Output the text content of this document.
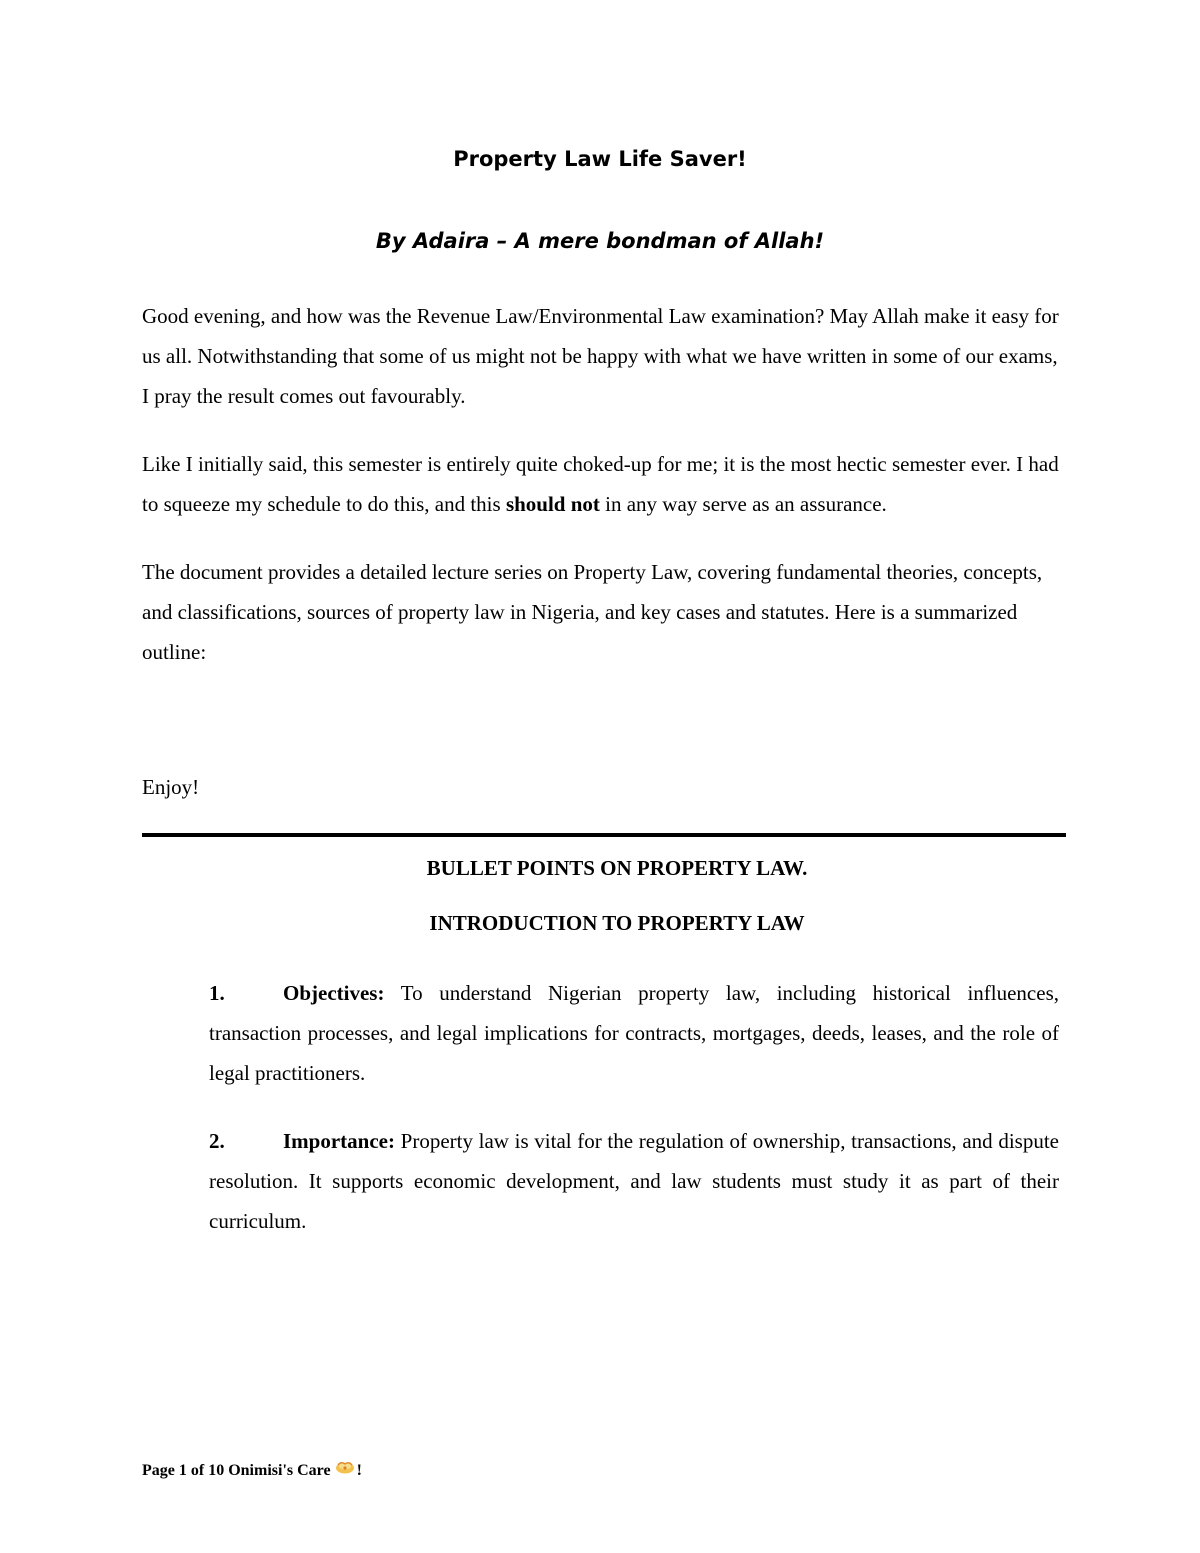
Property Law Life Saver!
By Adaira – A mere bondman of Allah!

Good evening, and how was the Revenue Law/Environmental Law examination? May Allah make it easy for us all. Notwithstanding that some of us might not be happy with what we have written in some of our exams, I pray the result comes out favourably.

Like I initially said, this semester is entirely quite choked-up for me; it is the most hectic semester ever. I had to squeeze my schedule to do this, and this should not in any way serve as an assurance.

The document provides a detailed lecture series on Property Law, covering fundamental theories, concepts, and classifications, sources of property law in Nigeria, and key cases and statutes. Here is a summarized outline:

Enjoy!

BULLET POINTS ON PROPERTY LAW.
INTRODUCTION TO PROPERTY LAW

1.	Objectives: To understand Nigerian property law, including historical influences, transaction processes, and legal implications for contracts, mortgages, deeds, leases, and the role of legal practitioners.

2.	Importance: Property law is vital for the regulation of ownership, transactions, and dispute resolution. It supports economic development, and law students must study it as part of their curriculum.

Page 1 of 10 Onimisi's Care !
